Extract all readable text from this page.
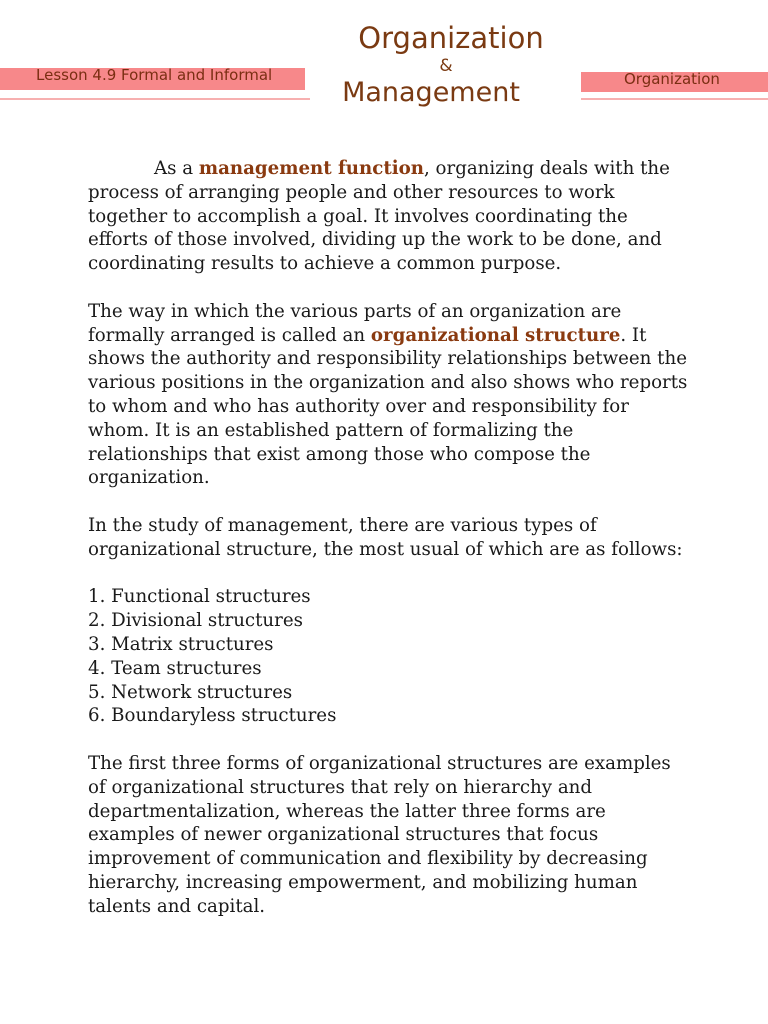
Lesson 4.9 Formal and Informal	Organization
Organization
&
Management

As a management function, organizing deals with the process of arranging people and other resources to work together to accomplish a goal. It involves coordinating the efforts of those involved, dividing up the work to be done, and coordinating results to achieve a common purpose.

The way in which the various parts of an organization are formally arranged is called an organizational structure. It shows the authority and responsibility relationships between the various positions in the organization and also shows who reports to whom and who has authority over and responsibility for whom. It is an established pattern of formalizing the relationships that exist among those who compose the organization.

In the study of management, there are various types of organizational structure, the most usual of which are as follows:

1. Functional structures
2. Divisional structures
3. Matrix structures
4. Team structures
5. Network structures
6. Boundaryless structures

The first three forms of organizational structures are examples of organizational structures that rely on hierarchy and departmentalization, whereas the latter three forms are examples of newer organizational structures that focus improvement of communication and flexibility by decreasing hierarchy, increasing empowerment, and mobilizing human talents and capital.
